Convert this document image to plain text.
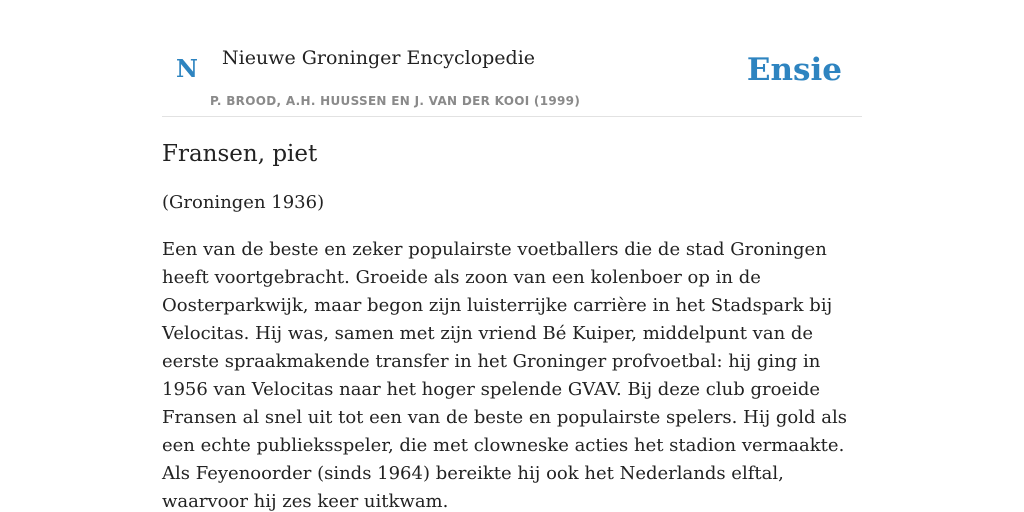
N Nieuwe Groninger Encyclopedie
P. BROOD, A.H. HUUSSEN EN J. VAN DER KOOI (1999)
Ensie
Fransen, piet

(Groningen 1936)

Een van de beste en zeker populairste voetballers die de stad Groningen heeft voortgebracht. Groeide als zoon van een kolenboer op in de Oosterparkwijk, maar begon zijn luisterrijke carrière in het Stadspark bij Velocitas. Hij was, samen met zijn vriend Bé Kuiper, middelpunt van de eerste spraakmakende transfer in het Groninger profvoetbal: hij ging in 1956 van Velocitas naar het hoger spelende GVAV. Bij deze club groeide Fransen al snel uit tot een van de beste en populairste spelers. Hij gold als een echte publieksspeler, die met clowneske acties het stadion vermaakte. Als Feyenoorder (sinds 1964) bereikte hij ook het Nederlands elftal, waarvoor hij zes keer uitkwam.
